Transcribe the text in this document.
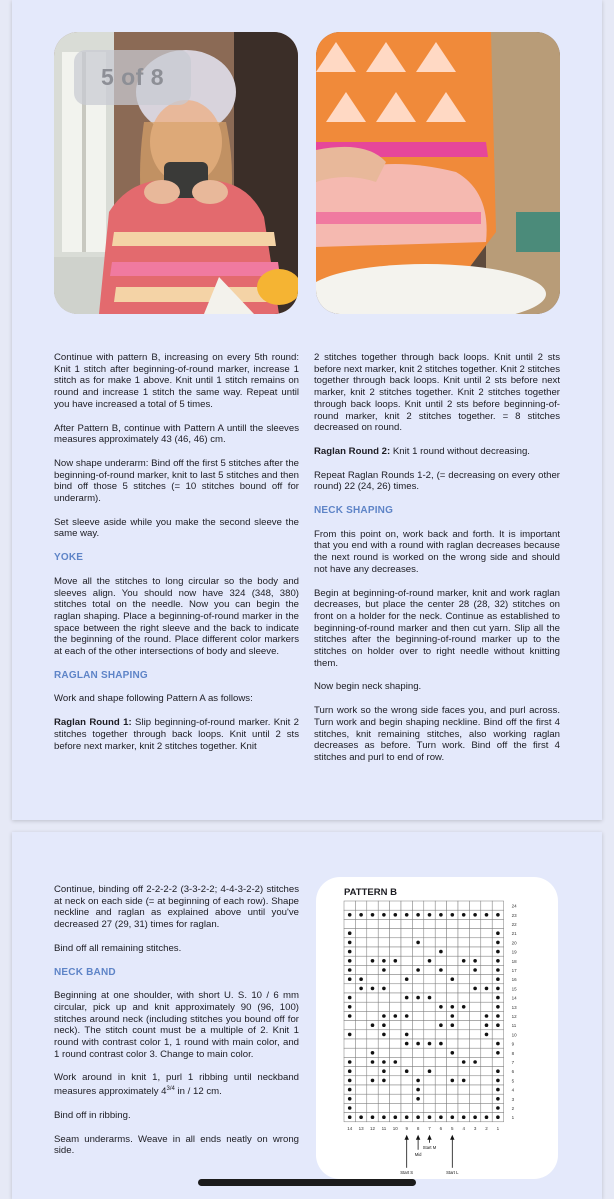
5 of 8

Continue with pattern B, increasing on every 5th round: Knit 1 stitch after beginning-of-round marker, increase 1 stitch as for make 1 above. Knit until 1 stitch remains on round and increase 1 stitch the same way. Repeat until you have increased a total of 5 times.

After Pattern B, continue with Pattern A untill the sleeves measures approximately 43 (46, 46) cm.

Now shape underarm: Bind off the first 5 stitches after the beginning-of-round marker, knit to last 5 stitches and then bind off those 5 stitches (= 10 stitches bound off for underarm).

Set sleeve aside while you make the second sleeve the same way.

YOKE

Move all the stitches to long circular so the body and sleeves align. You should now have 324 (348, 380) stitches total on the needle. Now you can begin the raglan shaping. Place a beginning-of-round marker in the space between the right sleeve and the back to indicate the beginning of the round. Place different color markers at each of the other intersections of body and sleeve.

RAGLAN SHAPING

Work and shape following Pattern A as follows:

Raglan Round 1: Slip beginning-of-round marker. Knit 2 stitches together through back loops. Knit until 2 sts before next marker, knit 2 stitches together. Knit

2 stitches together through back loops. Knit until 2 sts before next marker, knit 2 stitches together. Knit 2 stitches together through back loops. Knit until 2 sts before next marker, knit 2 stitches together. Knit 2 stitches together through back loops. Knit until 2 sts before beginning-of-round marker, knit 2 stitches together. = 8 stitches decreased on round.

Raglan Round 2: Knit 1 round without decreasing.

Repeat Raglan Rounds 1-2, (= decreasing on every other round) 22 (24, 26) times.

NECK SHAPING

From this point on, work back and forth. It is important that you end with a round with raglan decreases because the next round is worked on the wrong side and should not have any decreases.

Begin at beginning-of-round marker, knit and work raglan decreases, but place the center 28 (28, 32) stitches on front on a holder for the neck. Continue as established to beginning-of-round marker and then cut yarn. Slip all the stitches after the beginning-of-round marker up to the stitches on holder over to right needle without knitting them.

Now begin neck shaping.

Turn work so the wrong side faces you, and purl across. Turn work and begin shaping neckline. Bind off the first 4 stitches, knit remaining stitches, also working raglan decreases as before. Turn work. Bind off the first 4 stitches and purl to end of row.

Continue, binding off 2-2-2-2 (3-3-2-2; 4-4-3-2-2) stitches at neck on each side (= at beginning of each row). Shape neckline and raglan as explained above until you've decreased 27 (29, 31) times for raglan.

Bind off all remaining stitches.

NECK BAND

Beginning at one shoulder, with short U. S. 10 / 6 mm circular, pick up and knit approximately 90 (96, 100) stitches around neck (including stitches you bound off for neck). The stitch count must be a multiple of 2. Knit 1 round with contrast color 1, 1 round with main color, and 1 round contrast color 3. Change to main color.

Work around in knit 1, purl 1 ribbing until neckband measures approximately $4^{3/4}$ in / 12 cm.

Bind off in ribbing.

Seam underarms. Weave in all ends neatly on wrong side.

PATTERN B
24
23
22
21
20
19
18
17
16
15
14
13
12
11
10
9
8
7
6
5
4
3
2
1
14 13 12 11 10 9 8 7 6 5 4 3 2 1
Start S
Mid
Start M
Start L
